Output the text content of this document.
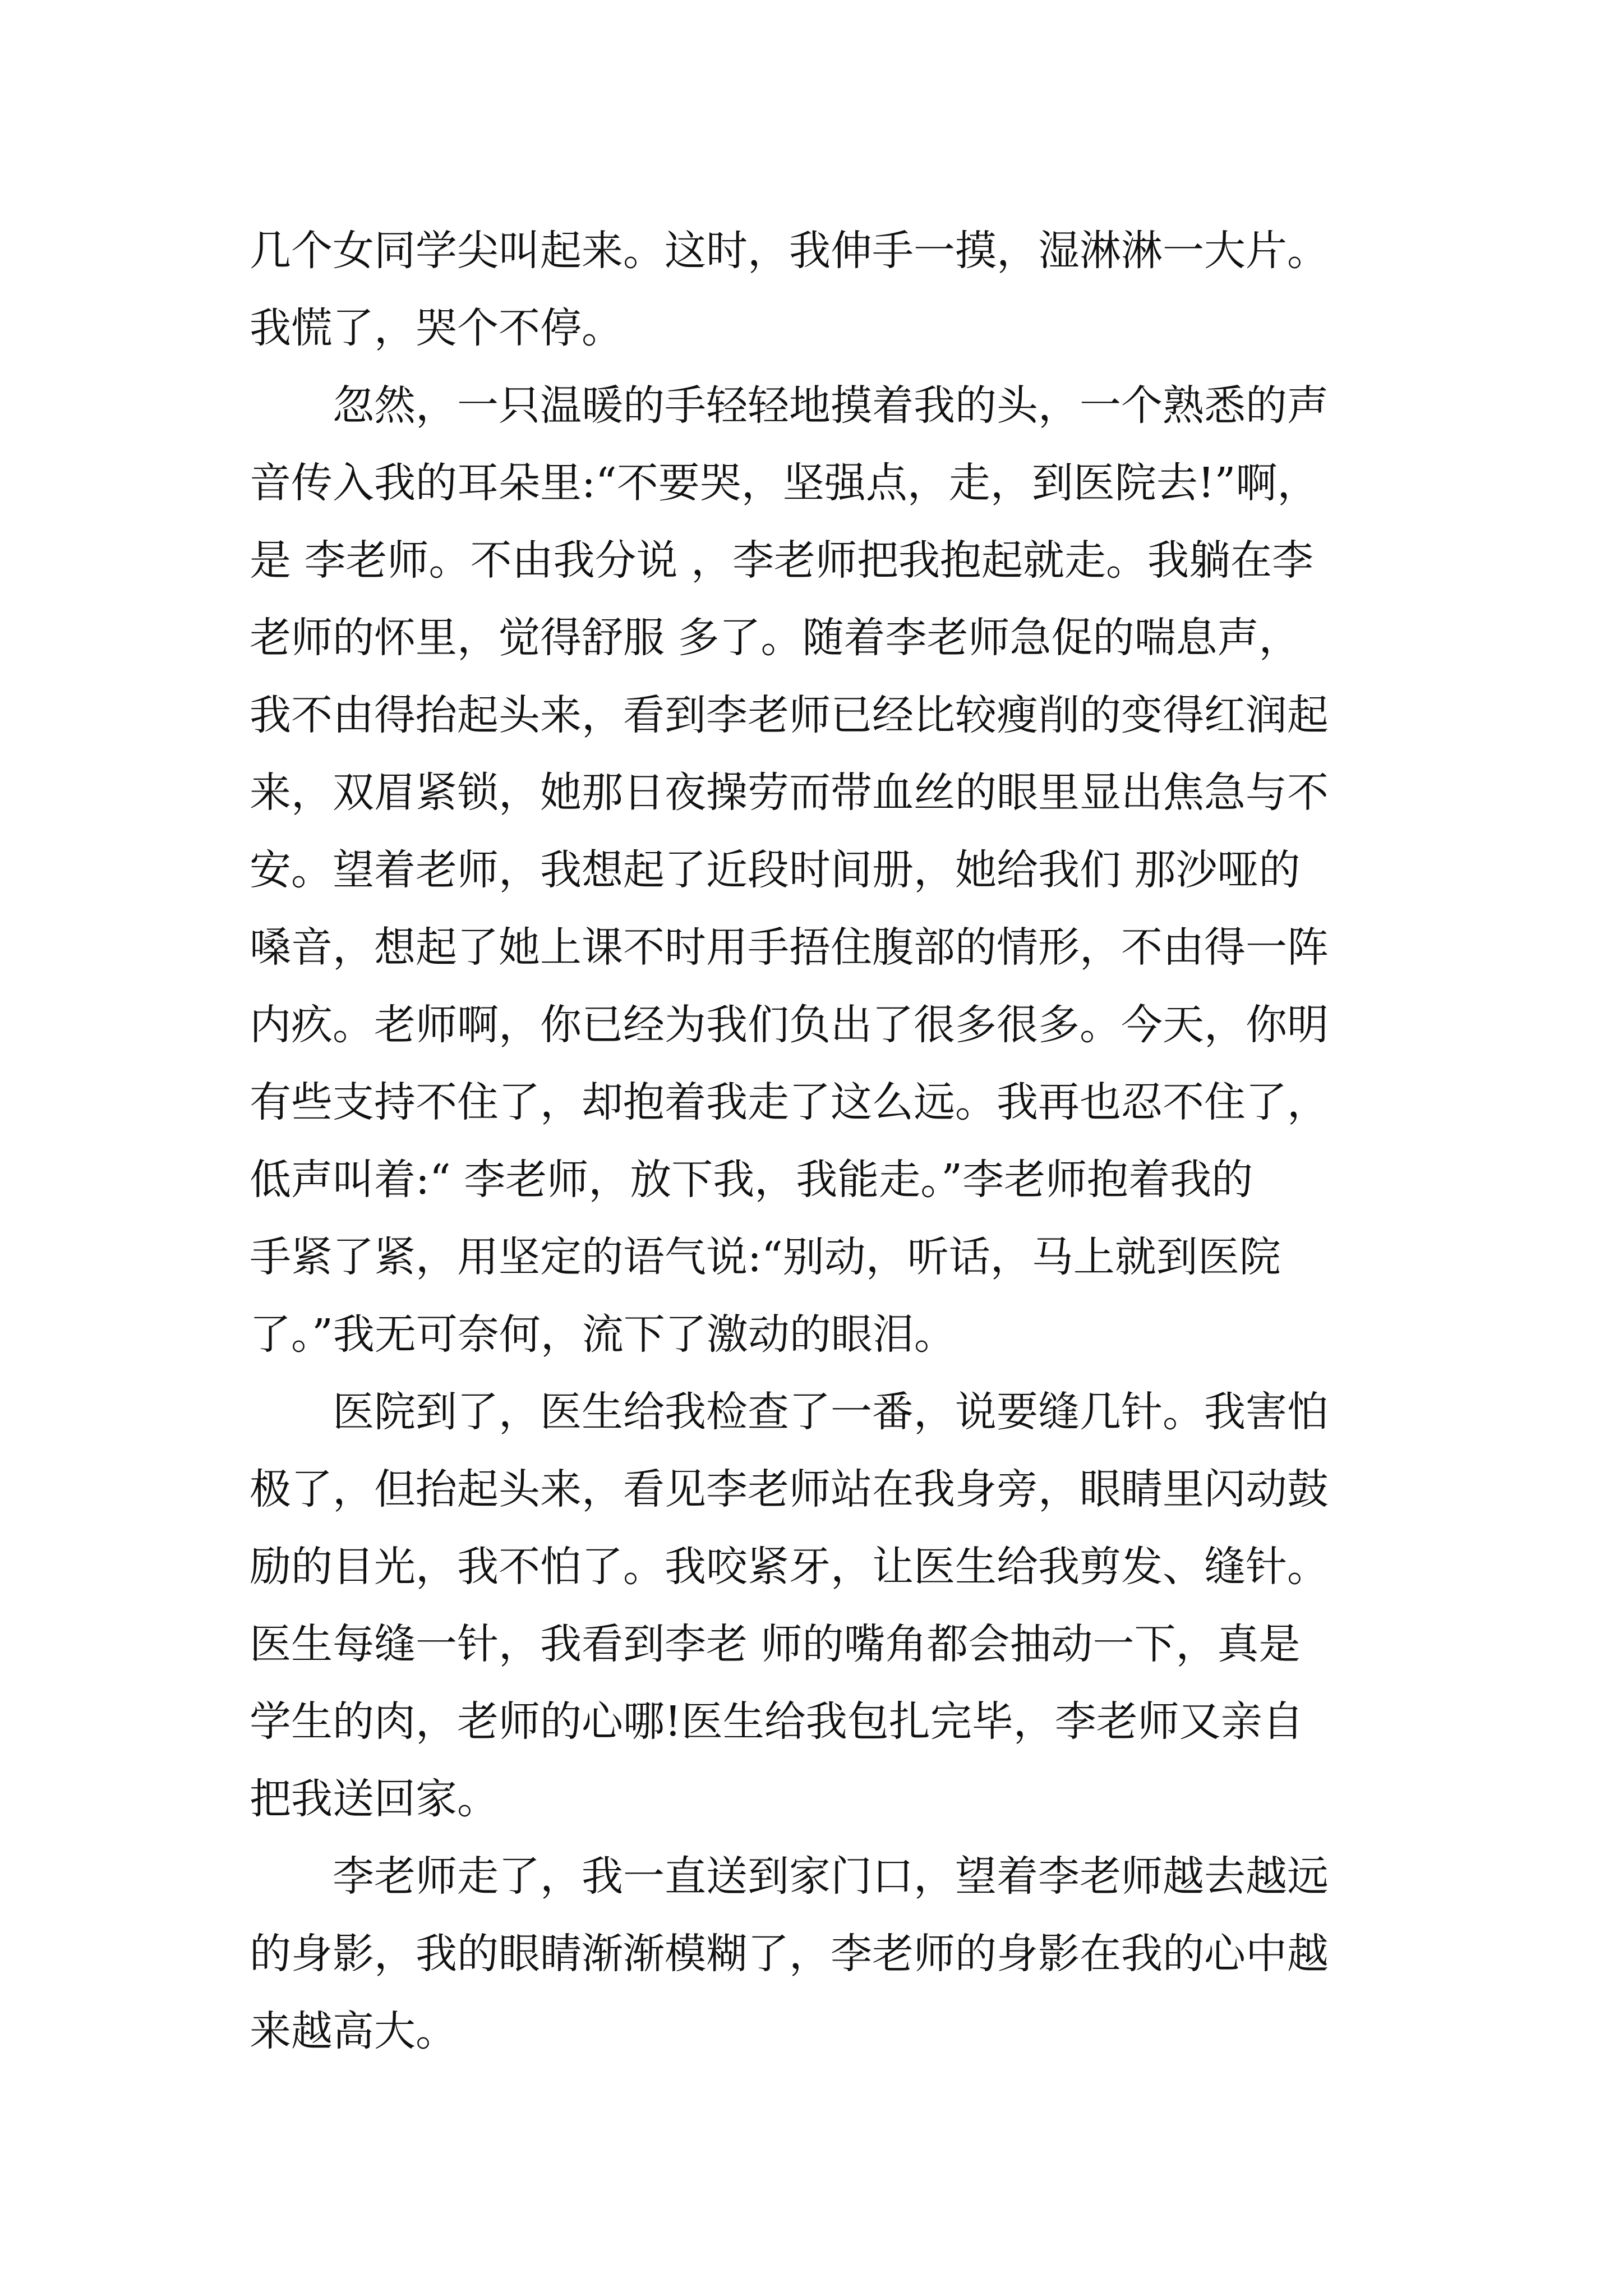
几个女同学尖叫起来。这时，我伸手一摸，湿淋淋一大片。
我慌了，哭个不停。
　　忽然，一只温暖的手轻轻地摸着我的头，一个熟悉的声
音传入我的耳朵里:“不要哭，坚强点，走，到医院去!”啊，
是 李老师。不由我分说 ，李老师把我抱起就走。我躺在李
老师的怀里，觉得舒服 多了。随着李老师急促的喘息声，
我不由得抬起头来，看到李老师已经比较瘦削的变得红润起
来，双眉紧锁，她那日夜操劳而带血丝的眼里显出焦急与不
安。望着老师，我想起了近段时间册，她给我们 那沙哑的
嗓音，想起了她上课不时用手捂住腹部的情形，不由得一阵
内疚。老师啊，你已经为我们负出了很多很多。今天，你明
有些支持不住了，却抱着我走了这么远。我再也忍不住了，
低声叫着:“ 李老师，放下我，我能走。”李老师抱着我的
手紧了紧，用坚定的语气说:“别动，听话，马上就到医院
了。”我无可奈何，流下了激动的眼泪。
　　医院到了，医生给我检查了一番，说要缝几针。我害怕
极了，但抬起头来，看见李老师站在我身旁，眼睛里闪动鼓
励的目光，我不怕了。我咬紧牙，让医生给我剪发、缝针。
医生每缝一针，我看到李老 师的嘴角都会抽动一下，真是
学生的肉，老师的心哪!医生给我包扎完毕，李老师又亲自
把我送回家。
　　李老师走了，我一直送到家门口，望着李老师越去越远
的身影，我的眼睛渐渐模糊了，李老师的身影在我的心中越
来越高大。
